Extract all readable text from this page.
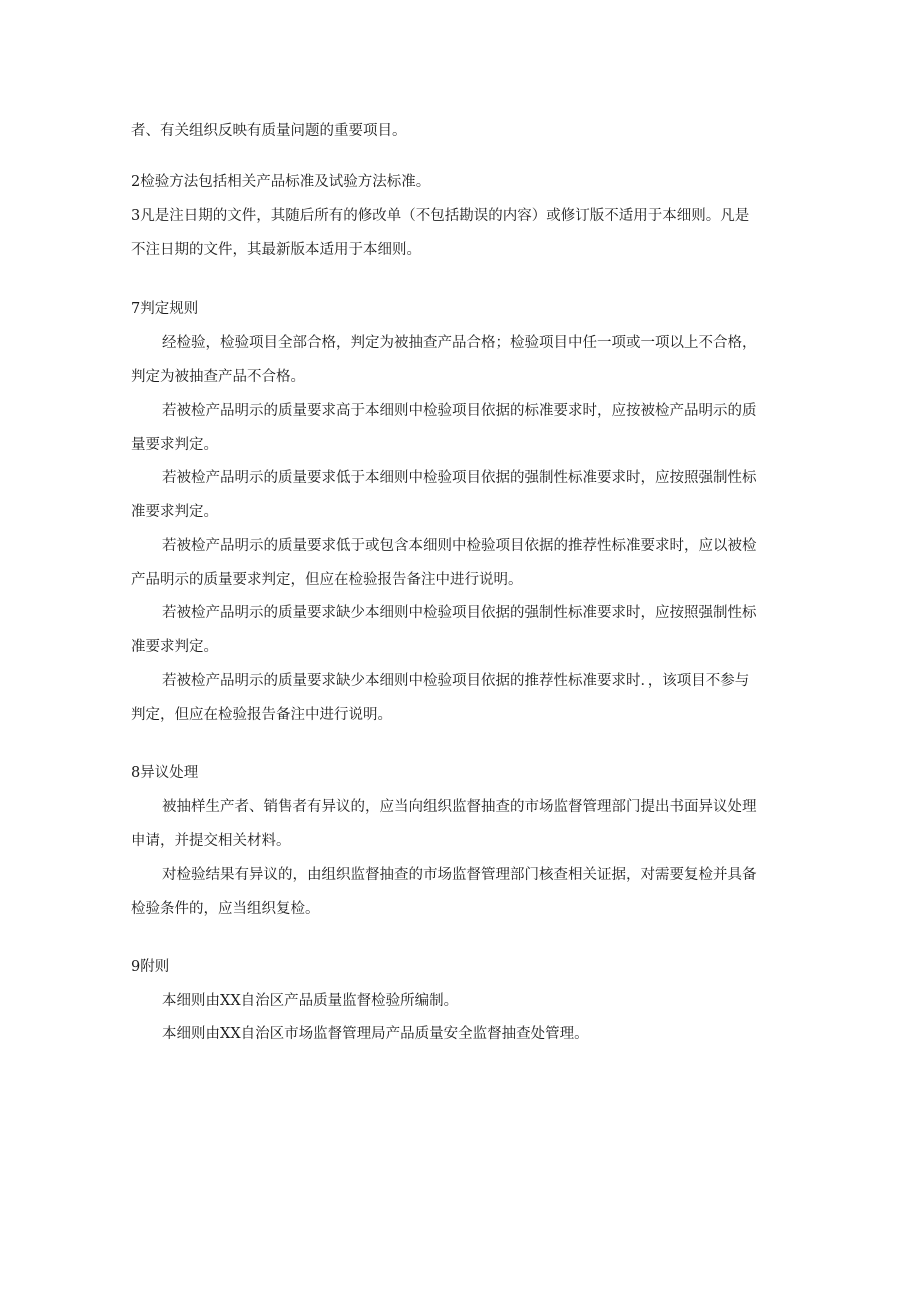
者、有关组织反映有质量问题的重要项目。
2检验方法包括相关产品标准及试验方法标准。
3凡是注日期的文件，其随后所有的修改单（不包括勘误的内容）或修订版不适用于本细则。凡是
不注日期的文件，其最新版本适用于本细则。
7判定规则
经检验，检验项目全部合格，判定为被抽查产品合格；检验项目中任一项或一项以上不合格，
判定为被抽查产品不合格。
若被检产品明示的质量要求高于本细则中检验项目依据的标准要求时，应按被检产品明示的质
量要求判定。
若被检产品明示的质量要求低于本细则中检验项目依据的强制性标准要求时，应按照强制性标
准要求判定。
若被检产品明示的质量要求低于或包含本细则中检验项目依据的推荐性标准要求时，应以被检
产品明示的质量要求判定，但应在检验报告备注中进行说明。
若被检产品明示的质量要求缺少本细则中检验项目依据的强制性标准要求时，应按照强制性标
准要求判定。
若被检产品明示的质量要求缺少本细则中检验项目依据的推荐性标准要求时．，该项目不参与
判定，但应在检验报告备注中进行说明。
8异议处理
被抽样生产者、销售者有异议的，应当向组织监督抽查的市场监督管理部门提出书面异议处理
申请，并提交相关材料。
对检验结果有异议的，由组织监督抽查的市场监督管理部门核查相关证据，对需要复检并具备
检验条件的，应当组织复检。
9附则
本细则由XX自治区产品质量监督检验所编制。
本细则由XX自治区市场监督管理局产品质量安全监督抽查处管理。
